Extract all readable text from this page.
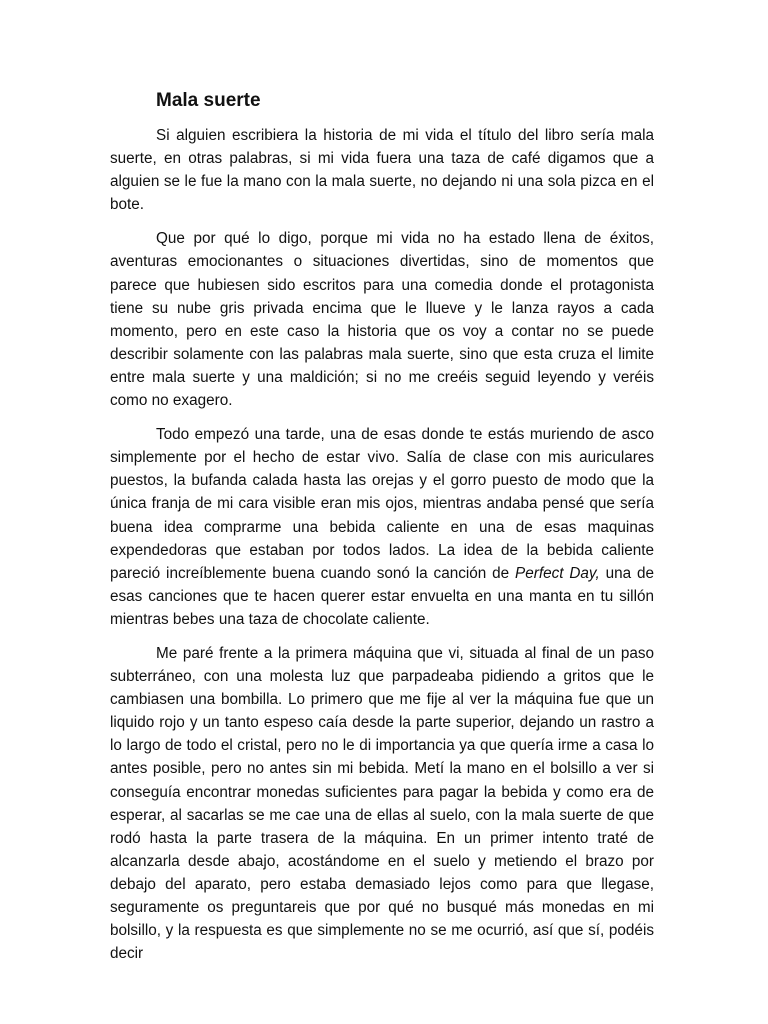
Mala suerte

Si alguien escribiera la historia de mi vida el título del libro sería mala suerte, en otras palabras, si mi vida fuera una taza de café digamos que a alguien se le fue la mano con la mala suerte, no dejando ni una sola pizca en el bote.

Que por qué lo digo, porque mi vida no ha estado llena de éxitos, aventuras emocionantes o situaciones divertidas, sino de momentos que parece que hubiesen sido escritos para una comedia donde el protagonista tiene su nube gris privada encima que le llueve y le lanza rayos a cada momento, pero en este caso la historia que os voy a contar no se puede describir solamente con las palabras mala suerte, sino que esta cruza el limite entre mala suerte y una maldición; si no me creéis seguid leyendo y veréis como no exagero.

Todo empezó una tarde, una de esas donde te estás muriendo de asco simplemente por el hecho de estar vivo. Salía de clase con mis auriculares puestos, la bufanda calada hasta las orejas y el gorro puesto de modo que la única franja de mi cara visible eran mis ojos, mientras andaba pensé que sería buena idea comprarme una bebida caliente en una de esas maquinas expendedoras que estaban por todos lados. La idea de la bebida caliente pareció increíblemente buena cuando sonó la canción de Perfect Day, una de esas canciones que te hacen querer estar envuelta en una manta en tu sillón mientras bebes una taza de chocolate caliente.

Me paré frente a la primera máquina que vi, situada al final de un paso subterráneo, con una molesta luz que parpadeaba pidiendo a gritos que le cambiasen una bombilla. Lo primero que me fije al ver la máquina fue que un liquido rojo y un tanto espeso caía desde la parte superior, dejando un rastro a lo largo de todo el cristal, pero no le di importancia ya que quería irme a casa lo antes posible, pero no antes sin mi bebida. Metí la mano en el bolsillo a ver si conseguía encontrar monedas suficientes para pagar la bebida y como era de esperar, al sacarlas se me cae una de ellas al suelo, con la mala suerte de que rodó hasta la parte trasera de la máquina. En un primer intento traté de alcanzarla desde abajo, acostándome en el suelo y metiendo el brazo por debajo del aparato, pero estaba demasiado lejos como para que llegase, seguramente os preguntareis que por qué no busqué más monedas en mi bolsillo, y la respuesta es que simplemente no se me ocurrió, así que sí, podéis decir
